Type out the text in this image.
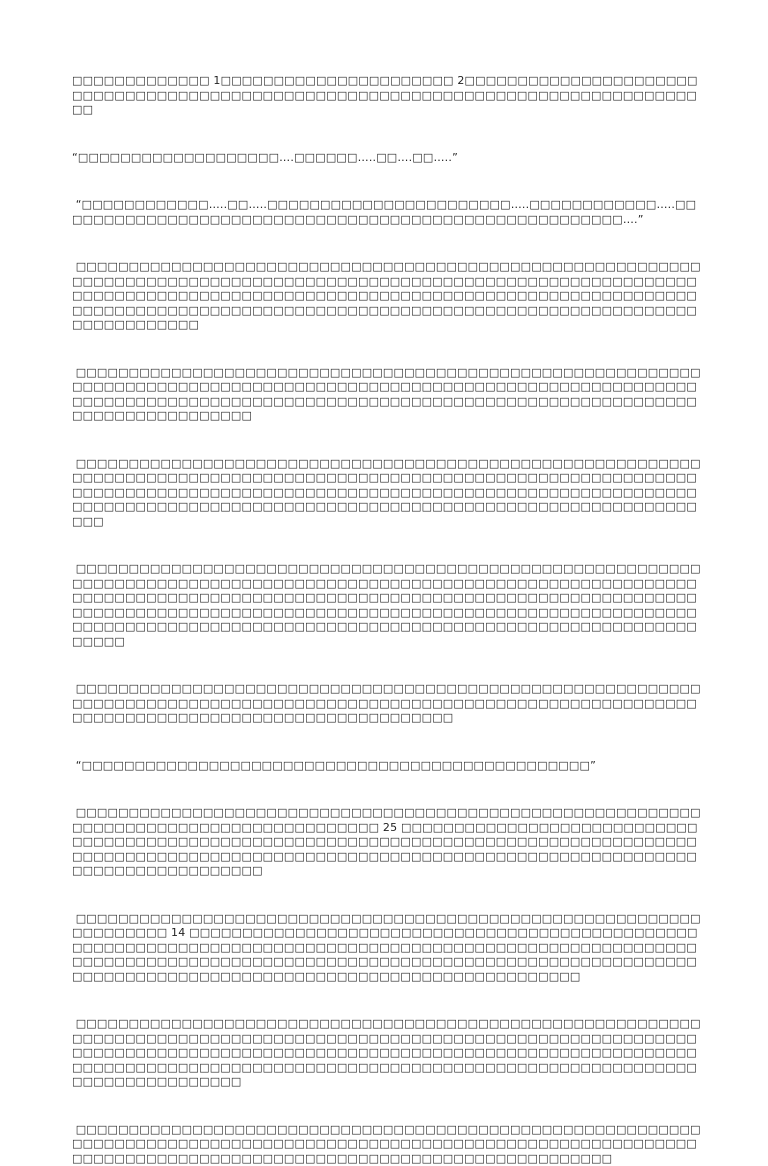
□□□□□□□□□□□□□ 1□□□□□□□□□□□□□□□□□□□□□□ 2□□□□□□□□□□□□□□□□□□□□□□□□□□□□□□□□□□□□□□□□□□□□□□□□□□□□□□□□□□□□□□□□□□□□□□□□□□□□□□□□□□□

“□□□□□□□□□□□□□□□□□□□….□□□□□□…..□□….□□…..”

“□□□□□□□□□□□□…..□□…..□□□□□□□□□□□□□□□□□□□□□□□…..□□□□□□□□□□□□…..□□□□□□□□□□□□□□□□□□□□□□□□□□□□□□□□□□□□□□□□□□□□□□□□□□□□□□….”

□□□□□□□□□□□□□□□□□□□□□□□□□□□□□□□□□□□□□□□□□□□□□□□□□□□□□□□□□□□□□□□□□□□□□□□□□□□□□□□□□□□□□□□□□□□□□□□□□□□□□□□□□□□□□□□□□□□□□□□□□□□□□□□□□□□□□□□□□□□□□□□□□□□□□□□□□□□□□□□□□□□□□□□□□□□□□□□□□□□□□□□□□□□□□□□□□□□□□□□□□□□□□□□□□□□□□□□□□□□□□□□□□□□□□□□□□□□□□□□□□□□□□□□□

□□□□□□□□□□□□□□□□□□□□□□□□□□□□□□□□□□□□□□□□□□□□□□□□□□□□□□□□□□□□□□□□□□□□□□□□□□□□□□□□□□□□□□□□□□□□□□□□□□□□□□□□□□□□□□□□□□□□□□□□□□□□□□□□□□□□□□□□□□□□□□□□□□□□□□□□□□□□□□□□□□□□□□□□□□□□□□□□□□□□□□□□□□□□□□□□□□

□□□□□□□□□□□□□□□□□□□□□□□□□□□□□□□□□□□□□□□□□□□□□□□□□□□□□□□□□□□□□□□□□□□□□□□□□□□□□□□□□□□□□□□□□□□□□□□□□□□□□□□□□□□□□□□□□□□□□□□□□□□□□□□□□□□□□□□□□□□□□□□□□□□□□□□□□□□□□□□□□□□□□□□□□□□□□□□□□□□□□□□□□□□□□□□□□□□□□□□□□□□□□□□□□□□□□□□□□□□□□□□□□□□□□□□□□□□□□□□

□□□□□□□□□□□□□□□□□□□□□□□□□□□□□□□□□□□□□□□□□□□□□□□□□□□□□□□□□□□□□□□□□□□□□□□□□□□□□□□□□□□□□□□□□□□□□□□□□□□□□□□□□□□□□□□□□□□□□□□□□□□□□□□□□□□□□□□□□□□□□□□□□□□□□□□□□□□□□□□□□□□□□□□□□□□□□□□□□□□□□□□□□□□□□□□□□□□□□□□□□□□□□□□□□□□□□□□□□□□□□□□□□□□□□□□□□□□□□□□□□□□□□□□□□□□□□□□□□□□□□□□□□□□□□□□□□□□□□□□□□□□□□□□□□□□□□□□□□□□□

□□□□□□□□□□□□□□□□□□□□□□□□□□□□□□□□□□□□□□□□□□□□□□□□□□□□□□□□□□□□□□□□□□□□□□□□□□□□□□□□□□□□□□□□□□□□□□□□□□□□□□□□□□□□□□□□□□□□□□□□□□□□□□□□□□□□□□□□□□□□□□□□□□□□□□□□□□

“□□□□□□□□□□□□□□□□□□□□□□□□□□□□□□□□□□□□□□□□□□□□□□□□”

□□□□□□□□□□□□□□□□□□□□□□□□□□□□□□□□□□□□□□□□□□□□□□□□□□□□□□□□□□□□□□□□□□□□□□□□□□□□□□□□□□□□□□□□ 25 □□□□□□□□□□□□□□□□□□□□□□□□□□□□□□□□□□□□□□□□□□□□□□□□□□□□□□□□□□□□□□□□□□□□□□□□□□□□□□□□□□□□□□□□□□□□□□□□□□□□□□□□□□□□□□□□□□□□□□□□□□□□□□□□□□□□□□□□□□□□□□□□□□□□□□□□□□□□□□□□□□□□

□□□□□□□□□□□□□□□□□□□□□□□□□□□□□□□□□□□□□□□□□□□□□□□□□□□□□□□□□□□□□□□□□□□□ 14 □□□□□□□□□□□□□□□□□□□□□□□□□□□□□□□□□□□□□□□□□□□□□□□□□□□□□□□□□□□□□□□□□□□□□□□□□□□□□□□□□□□□□□□□□□□□□□□□□□□□□□□□□□□□□□□□□□□□□□□□□□□□□□□□□□□□□□□□□□□□□□□□□□□□□□□□□□□□□□□□□□□□□□□□□□□□□□□□□□□□□□□□□□□□□□□□□□□□□□□□□□□□□□□□□□□□□□

□□□□□□□□□□□□□□□□□□□□□□□□□□□□□□□□□□□□□□□□□□□□□□□□□□□□□□□□□□□□□□□□□□□□□□□□□□□□□□□□□□□□□□□□□□□□□□□□□□□□□□□□□□□□□□□□□□□□□□□□□□□□□□□□□□□□□□□□□□□□□□□□□□□□□□□□□□□□□□□□□□□□□□□□□□□□□□□□□□□□□□□□□□□□□□□□□□□□□□□□□□□□□□□□□□□□□□□□□□□□□□□□□□□□□□□□□□□□□□□□□□□□□□□□□□□□

□□□□□□□□□□□□□□□□□□□□□□□□□□□□□□□□□□□□□□□□□□□□□□□□□□□□□□□□□□□□□□□□□□□□□□□□□□□□□□□□□□□□□□□□□□□□□□□□□□□□□□□□□□□□□□□□□□□□□□□□□□□□□□□□□□□□□□□□□□□□□□□□□□□□□□□□□□□□□□□□□□□□□□□□□
